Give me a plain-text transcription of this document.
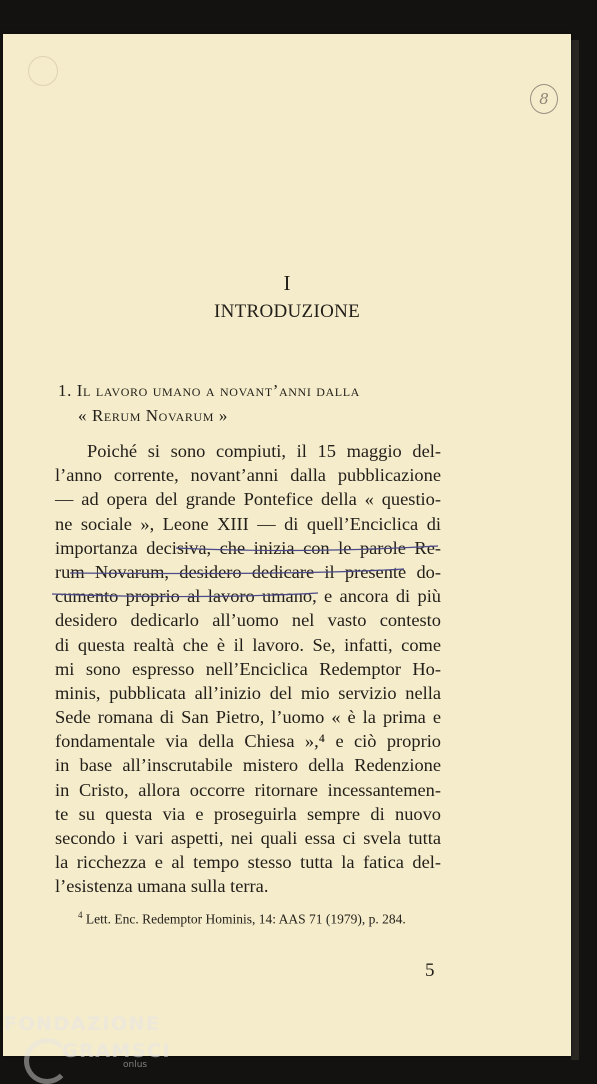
8
I
INTRODUZIONE
1. Il lavoro umano a novant’anni dalla
« Rerum Novarum »
Poiché si sono compiuti, il 15 maggio del-
l’anno corrente, novant’anni dalla pubblicazione
— ad opera del grande Pontefice della « questio-
ne sociale », Leone XIII — di quell’Enciclica di
importanza decisiva, che inizia con le parole Re-
rum Novarum, desidero dedicare il presente do-
cumento proprio al lavoro umano, e ancora di più
desidero dedicarlo all’uomo nel vasto contesto
di questa realtà che è il lavoro. Se, infatti, come
mi sono espresso nell’Enciclica Redemptor Ho-
minis, pubblicata all’inizio del mio servizio nella
Sede romana di San Pietro, l’uomo « è la prima e
fondamentale via della Chiesa »,⁴ e ciò proprio
in base all’inscrutabile mistero della Redenzione
in Cristo, allora occorre ritornare incessantemen-
te su questa via e proseguirla sempre di nuovo
secondo i vari aspetti, nei quali essa ci svela tutta
la ricchezza e al tempo stesso tutta la fatica del-
l’esistenza umana sulla terra.
$^4$ Lett. Enc. Redemptor Hominis, 14: AAS 71 (1979), p. 284.
5
FONDAZIONE
GRAMSCI
onlus
